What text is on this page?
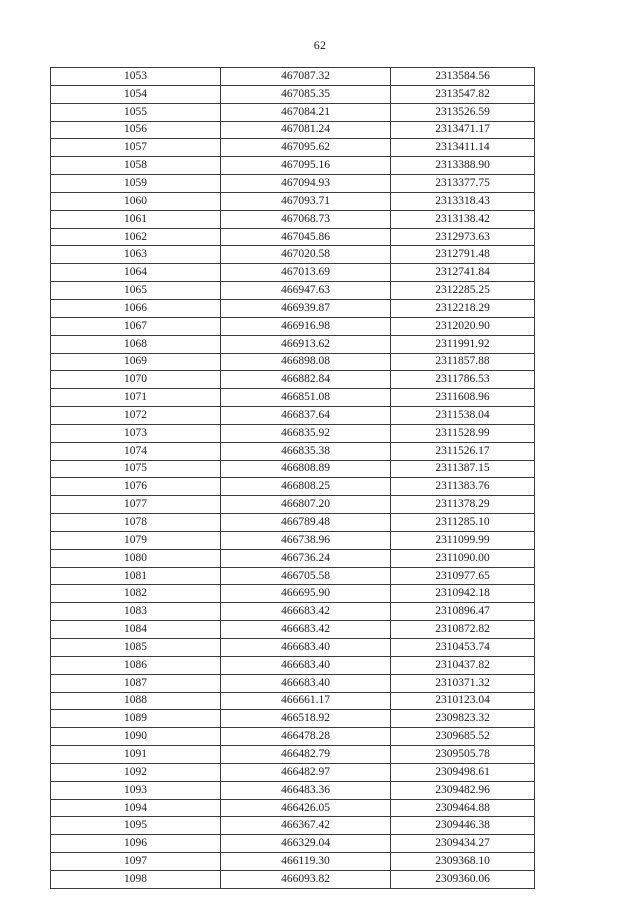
62
1053	467087.32	2313584.56
1054	467085.35	2313547.82
1055	467084.21	2313526.59
1056	467081.24	2313471.17
1057	467095.62	2313411.14
1058	467095.16	2313388.90
1059	467094.93	2313377.75
1060	467093.71	2313318.43
1061	467068.73	2313138.42
1062	467045.86	2312973.63
1063	467020.58	2312791.48
1064	467013.69	2312741.84
1065	466947.63	2312285.25
1066	466939.87	2312218.29
1067	466916.98	2312020.90
1068	466913.62	2311991.92
1069	466898.08	2311857.88
1070	466882.84	2311786.53
1071	466851.08	2311608.96
1072	466837.64	2311538.04
1073	466835.92	2311528.99
1074	466835.38	2311526.17
1075	466808.89	2311387.15
1076	466808.25	2311383.76
1077	466807.20	2311378.29
1078	466789.48	2311285.10
1079	466738.96	2311099.99
1080	466736.24	2311090.00
1081	466705.58	2310977.65
1082	466695.90	2310942.18
1083	466683.42	2310896.47
1084	466683.42	2310872.82
1085	466683.40	2310453.74
1086	466683.40	2310437.82
1087	466683.40	2310371.32
1088	466661.17	2310123.04
1089	466518.92	2309823.32
1090	466478.28	2309685.52
1091	466482.79	2309505.78
1092	466482.97	2309498.61
1093	466483.36	2309482.96
1094	466426.05	2309464.88
1095	466367.42	2309446.38
1096	466329.04	2309434.27
1097	466119.30	2309368.10
1098	466093.82	2309360.06
